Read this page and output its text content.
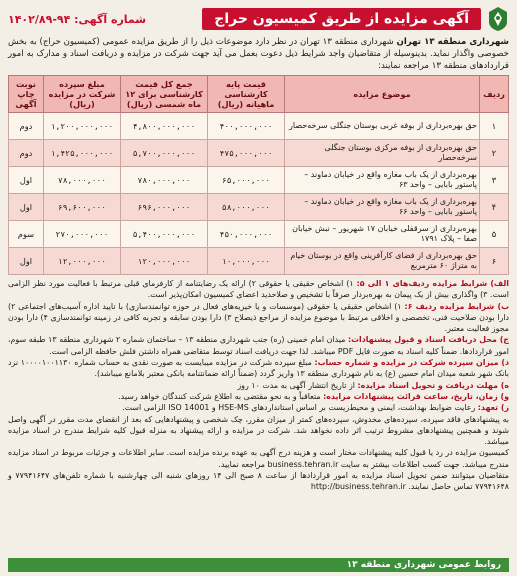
آگهی مزایده از طریق کمیسیون حراج
شماره آگهی: ۹۴-۱۴۰۲/۸۹
شهرداری منطقه ۱۳ تهران شهرداری منطقه ۱۳ تهران در نظر دارد موضوعات ذیل را از طریق مزایده عمومی (کمیسیون حراج) به بخش خصوصی واگذار نماید. بدینوسیله از متقاضیان واجد شرایط ذیل دعوت بعمل می آید جهت شرکت در مزایده و دریافت اسناد و مدارک به امور قراردادهای منطقه ۱۳ مراجعه نمایند:
ردیف	موضوع مزایده	قیمت پایه کارشناسی ماهیانه (ریال)	جمع کل قیمت کارشناسی برای ۱۲ ماه شمسی (ریال)	مبلغ سپرده شرکت در مزایده (ریال)	نوبت چاپ آگهی
۱	حق بهره‌برداری از بوفه غربی بوستان جنگلی سرخه‌حصار	۴۰۰,۰۰۰,۰۰۰	۴,۸۰۰,۰۰۰,۰۰۰	۱,۲۰۰,۰۰۰,۰۰۰	دوم
۲	حق بهره‌برداری از بوفه مرکزی بوستان جنگلی سرخه‌حصار	۴۷۵,۰۰۰,۰۰۰	۵,۷۰۰,۰۰۰,۰۰۰	۱,۴۲۵,۰۰۰,۰۰۰	دوم
۳	بهره‌برداری از یک باب مغازه واقع در خیابان دماوند – پاستور بابایی – واحد ۶۳	۶۵,۰۰۰,۰۰۰	۷۸۰,۰۰۰,۰۰۰	۷۸,۰۰۰,۰۰۰	اول
۴	بهره‌برداری از یک باب مغازه واقع در خیابان دماوند – پاستور بابایی – واحد ۶۶	۵۸,۰۰۰,۰۰۰	۶۹۶,۰۰۰,۰۰۰	۶۹,۶۰۰,۰۰۰	اول
۵	بهره‌برداری از سرقفلی خیابان ۱۷ شهریور – نبش خیابان صفا – پلاک ۱۷۹۱	۴۵۰,۰۰۰,۰۰۰	۵,۴۰۰,۰۰۰,۰۰۰	۲۷۰,۰۰۰,۰۰۰	سوم
۶	حق بهره‌برداری از فضای کارآفرینی واقع در بوستان خیام به متراژ ۶۰ مترمربع	۱۰,۰۰۰,۰۰۰	۱۲۰,۰۰۰,۰۰۰	۱۲,۰۰۰,۰۰۰	اول

الف) شرایط مزایده ردیف‌های ۱ الی ۵: ۱) اشخاص حقیقی یا حقوقی ۲) ارائه یک رضایتنامه از کارفرمای قبلی مرتبط با فعالیت مورد نظر الزامی است. ۳) واگذاری بیش از یک پیمان به بهره‌بردار صرفاً با تشخیص و صلاحدید اعضای کمیسیون امکان‌پذیر است.

ب) شرایط مزایده ردیف ۶: ۱) اشخاص حقیقی یا حقوقی (موسسات و یا خیریه‌های فعال در حوزه توانمندسازی) با تایید اداره آسیب‌های اجتماعی ۲) دارا بودن صلاحیت فنی، تخصصی و اخلاقی مرتبط با موضوع مزایده از مراجع ذیصلاح ۳) دارا بودن سابقه و تجربه کافی در زمینه توانمندسازی ۴) دارا بودن مجوز فعالیت معتبر.

ج) محل دریافت اسناد و قبول پیشنهادات: میدان امام خمینی (ره) جنب شهرداری منطقه ۱۳ – ساختمان شماره ۲ شهرداری منطقه ۱۳ طبقه سوم، امور قراردادها. ضمناً کلیه اسناد به صورت فایل PDF میباشد. لذا جهت دریافت اسناد توسط متقاضی همراه داشتن فلش حافظه الزامی است.

د) میزان سپرده شرکت در مزایده و شماره حساب: مبلغ سپرده شرکت در مزایده میبایست به صورت نقدی به حساب شماره ۱۰۰۰۰۱۰۰۱۱۳۰ نزد بانک شهر شعبه میدان امام حسین (ع) به نام شهرداری منطقه ۱۳ واریز گردد (ضمناً ارائه ضمانتنامه بانکی معتبر بلامانع میباشد).

ه) مهلت دریافت و تحویل اسناد مزایده: از تاریخ انتشار آگهی به مدت ۱۰ روز

و) زمان، تاریخ، ساعت قرائت پیشنهادات مزایده: متعاقباً و به نحو مقتضی به اطلاع شرکت کنندگان خواهد رسید.

ز) تعهد: رعایت ضوابط بهداشت، ایمنی و محیط‌زیست بر اساس استانداردهای HSE-MS و ISO 14001 الزامی است.

به پیشنهادهای فاقد سپرده، سپرده‌های مخدوش، سپرده‌های کمتر از میزان مقرر، چک شخصی و پیشنهادهایی که بعد از انقضای مدت مقرر در آگهی واصل شوند و همچنین پیشنهادهای مشروط ترتیب اثر داده نخواهد شد. شرکت در مزایده و ارائه پیشنهاد به منزله قبول کلیه شرایط مندرج در اسناد مزایده میباشد.

کمیسیون مزایده در رد یا قبول کلیه پیشنهادات مختار است و هزینه درج آگهی به عهده برنده مزایده است. سایر اطلاعات و جزئیات مربوط در اسناد مزایده مندرج میباشد. جهت کسب اطلاعات بیشتر به سایت business.tehran.ir مراجعه نمایید.

متقاضیان میتوانند ضمن تحویل اسناد مزایده به امور قراردادها از ساعت ۸ صبح الی ۱۴ روزهای شنبه الی چهارشنبه با شماره تلفن‌های ۷۷۹۴۱۶۴۷ و ۷۷۹۴۱۶۴۸ تماس حاصل نمایند. http://business.tehran.ir

روابط عمومی شهرداری منطقه ۱۳
